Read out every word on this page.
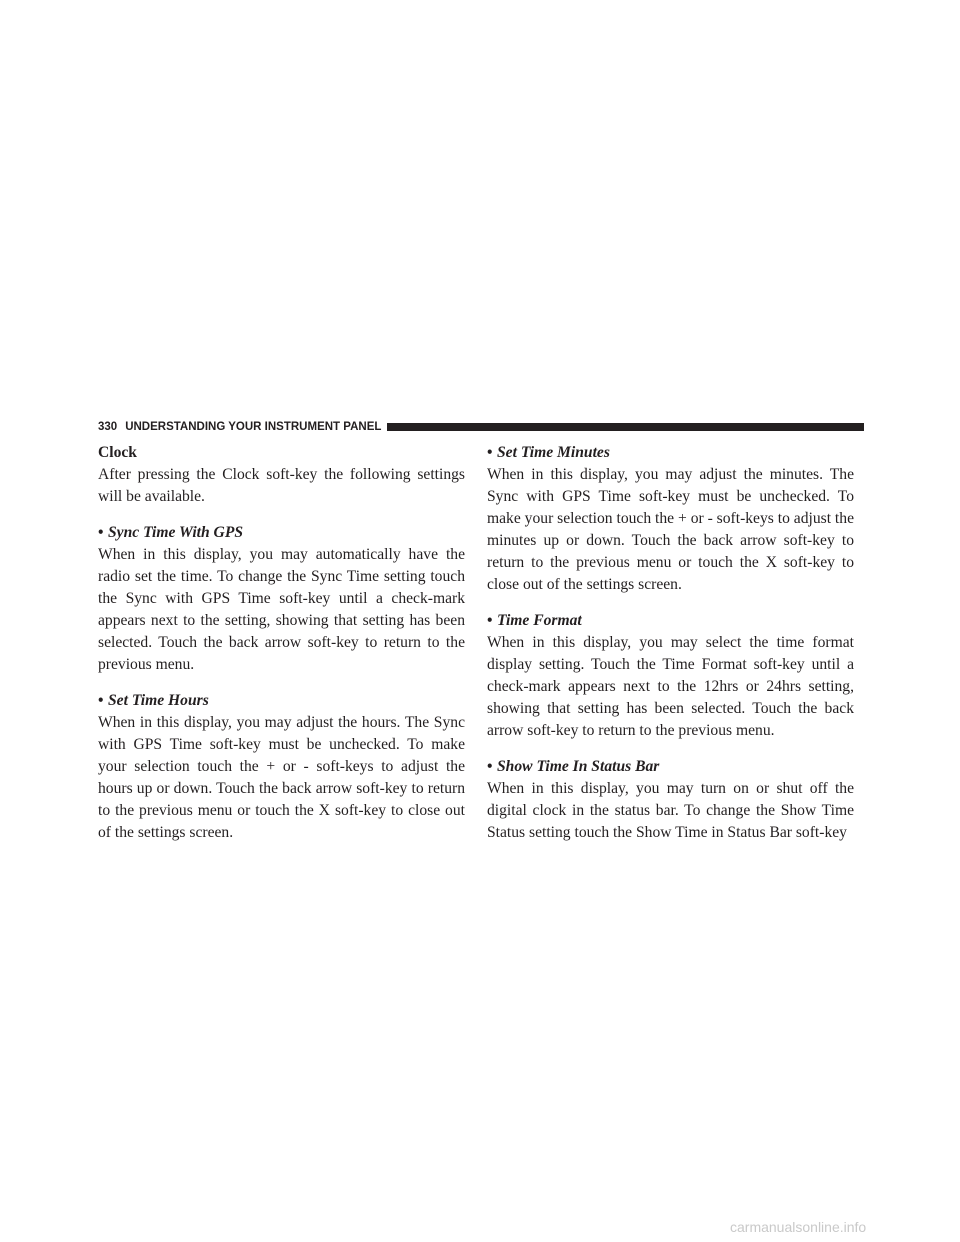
330 UNDERSTANDING YOUR INSTRUMENT PANEL

Clock

After pressing the Clock soft-key the following settings will be available.

• Sync Time With GPS

When in this display, you may automatically have the radio set the time. To change the Sync Time setting touch the Sync with GPS Time soft-key until a check-mark appears next to the setting, showing that setting has been selected. Touch the back arrow soft-key to return to the previous menu.

• Set Time Hours

When in this display, you may adjust the hours. The Sync with GPS Time soft-key must be unchecked. To make your selection touch the + or - soft-keys to adjust the hours up or down. Touch the back arrow soft-key to return to the previous menu or touch the X soft-key to close out of the settings screen.

• Set Time Minutes

When in this display, you may adjust the minutes. The Sync with GPS Time soft-key must be unchecked. To make your selection touch the + or - soft-keys to adjust the minutes up or down. Touch the back arrow soft-key to return to the previous menu or touch the X soft-key to close out of the settings screen.

• Time Format

When in this display, you may select the time format display setting. Touch the Time Format soft-key until a check-mark appears next to the 12hrs or 24hrs setting, showing that setting has been selected. Touch the back arrow soft-key to return to the previous menu.

• Show Time In Status Bar

When in this display, you may turn on or shut off the digital clock in the status bar. To change the Show Time Status setting touch the Show Time in Status Bar soft-key

carmanualsonline.info
